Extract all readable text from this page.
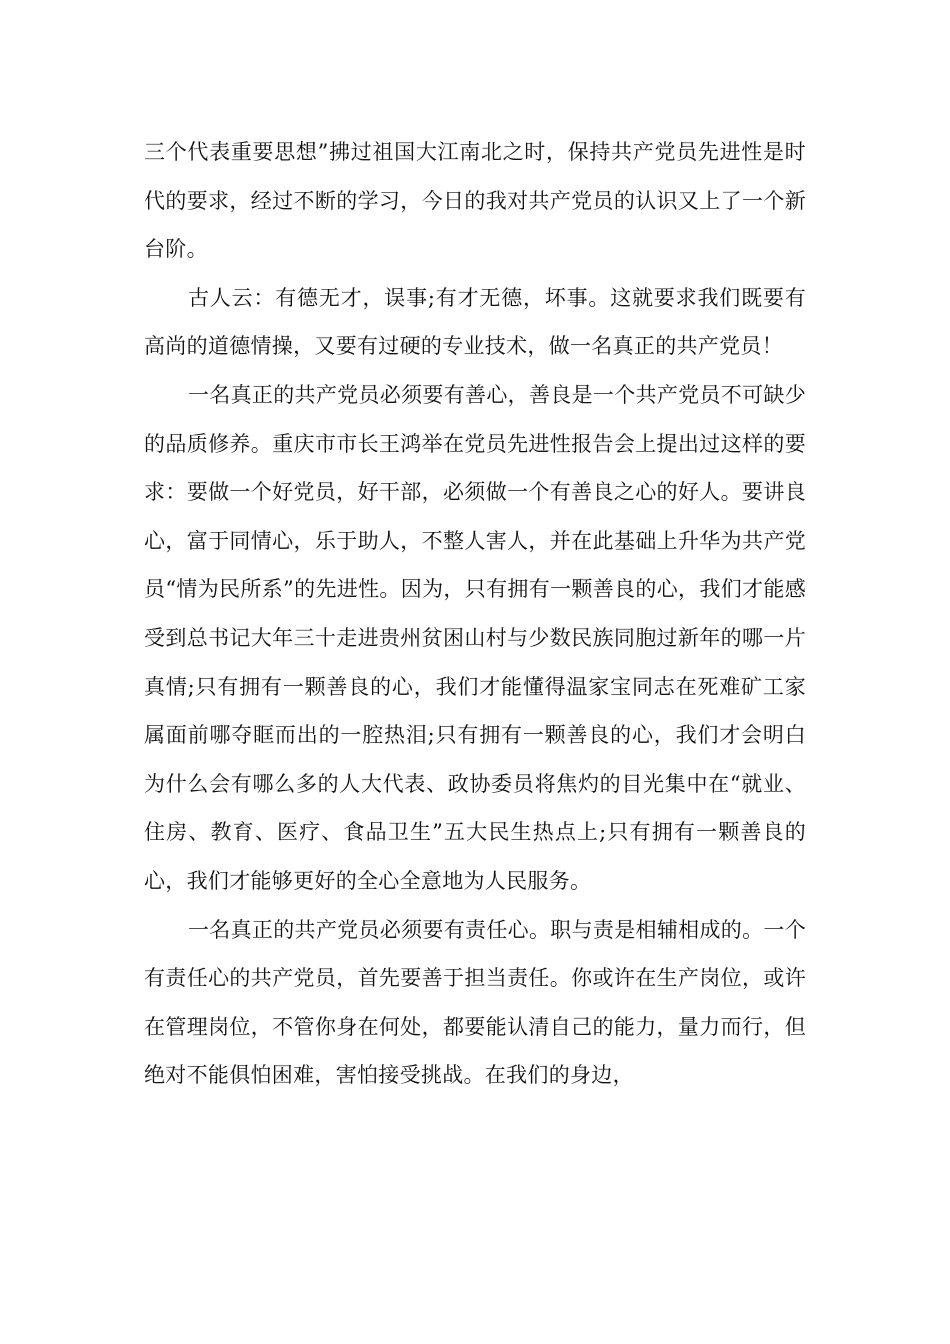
三个代表重要思想”拂过祖国大江南北之时，保持共产党员先进性是时代的要求，经过不断的学习，今日的我对共产党员的认识又上了一个新台阶。

古人云：有德无才，误事;有才无德，坏事。这就要求我们既要有高尚的道德情操，又要有过硬的专业技术，做一名真正的共产党员！

一名真正的共产党员必须要有善心，善良是一个共产党员不可缺少的品质修养。重庆市市长王鸿举在党员先进性报告会上提出过这样的要求：要做一个好党员，好干部，必须做一个有善良之心的好人。要讲良心，富于同情心，乐于助人，不整人害人，并在此基础上升华为共产党员“情为民所系”的先进性。因为，只有拥有一颗善良的心，我们才能感受到总书记大年三十走进贵州贫困山村与少数民族同胞过新年的哪一片真情;只有拥有一颗善良的心，我们才能懂得温家宝同志在死难矿工家属面前哪夺眶而出的一腔热泪;只有拥有一颗善良的心，我们才会明白为什么会有哪么多的人大代表、政协委员将焦灼的目光集中在“就业、住房、教育、医疗、食品卫生”五大民生热点上;只有拥有一颗善良的心，我们才能够更好的全心全意地为人民服务。

一名真正的共产党员必须要有责任心。职与责是相辅相成的。一个有责任心的共产党员，首先要善于担当责任。你或许在生产岗位，或许在管理岗位，不管你身在何处，都要能认清自己的能力，量力而行，但绝对不能俱怕困难，害怕接受挑战。在我们的身边，
